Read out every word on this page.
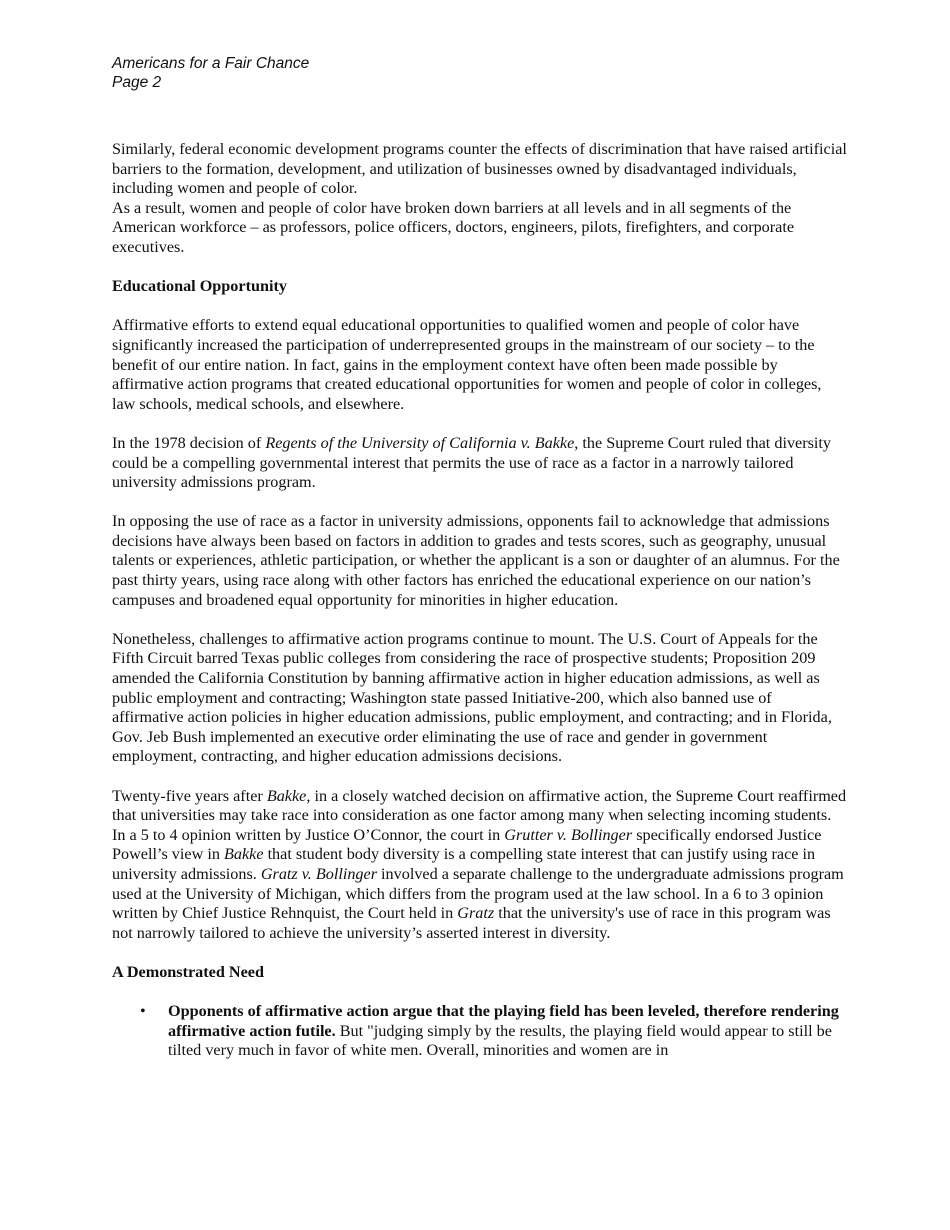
Americans for a Fair Chance
Page 2

Similarly, federal economic development programs counter the effects of discrimination that have raised artificial barriers to the formation, development, and utilization of businesses owned by disadvantaged individuals, including women and people of color.

As a result, women and people of color have broken down barriers at all levels and in all segments of the American workforce – as professors, police officers, doctors, engineers, pilots, firefighters, and corporate executives.

Educational Opportunity

Affirmative efforts to extend equal educational opportunities to qualified women and people of color have significantly increased the participation of underrepresented groups in the mainstream of our society – to the benefit of our entire nation. In fact, gains in the employment context have often been made possible by affirmative action programs that created educational opportunities for women and people of color in colleges, law schools, medical schools, and elsewhere.

In the 1978 decision of Regents of the University of California v. Bakke, the Supreme Court ruled that diversity could be a compelling governmental interest that permits the use of race as a factor in a narrowly tailored university admissions program.

In opposing the use of race as a factor in university admissions, opponents fail to acknowledge that admissions decisions have always been based on factors in addition to grades and tests scores, such as geography, unusual talents or experiences, athletic participation, or whether the applicant is a son or daughter of an alumnus. For the past thirty years, using race along with other factors has enriched the educational experience on our nation’s campuses and broadened equal opportunity for minorities in higher education.

Nonetheless, challenges to affirmative action programs continue to mount. The U.S. Court of Appeals for the Fifth Circuit barred Texas public colleges from considering the race of prospective students; Proposition 209 amended the California Constitution by banning affirmative action in higher education admissions, as well as public employment and contracting; Washington state passed Initiative-200, which also banned use of affirmative action policies in higher education admissions, public employment, and contracting; and in Florida, Gov. Jeb Bush implemented an executive order eliminating the use of race and gender in government employment, contracting, and higher education admissions decisions.

Twenty-five years after Bakke, in a closely watched decision on affirmative action, the Supreme Court reaffirmed that universities may take race into consideration as one factor among many when selecting incoming students. In a 5 to 4 opinion written by Justice O’Connor, the court in Grutter v. Bollinger specifically endorsed Justice Powell’s view in Bakke that student body diversity is a compelling state interest that can justify using race in university admissions. Gratz v. Bollinger involved a separate challenge to the undergraduate admissions program used at the University of Michigan, which differs from the program used at the law school. In a 6 to 3 opinion written by Chief Justice Rehnquist, the Court held in Gratz that the university's use of race in this program was not narrowly tailored to achieve the university’s asserted interest in diversity.

A Demonstrated Need
•	Opponents of affirmative action argue that the playing field has been leveled, therefore rendering affirmative action futile. But "judging simply by the results, the playing field would appear to still be tilted very much in favor of white men. Overall, minorities and women are in
